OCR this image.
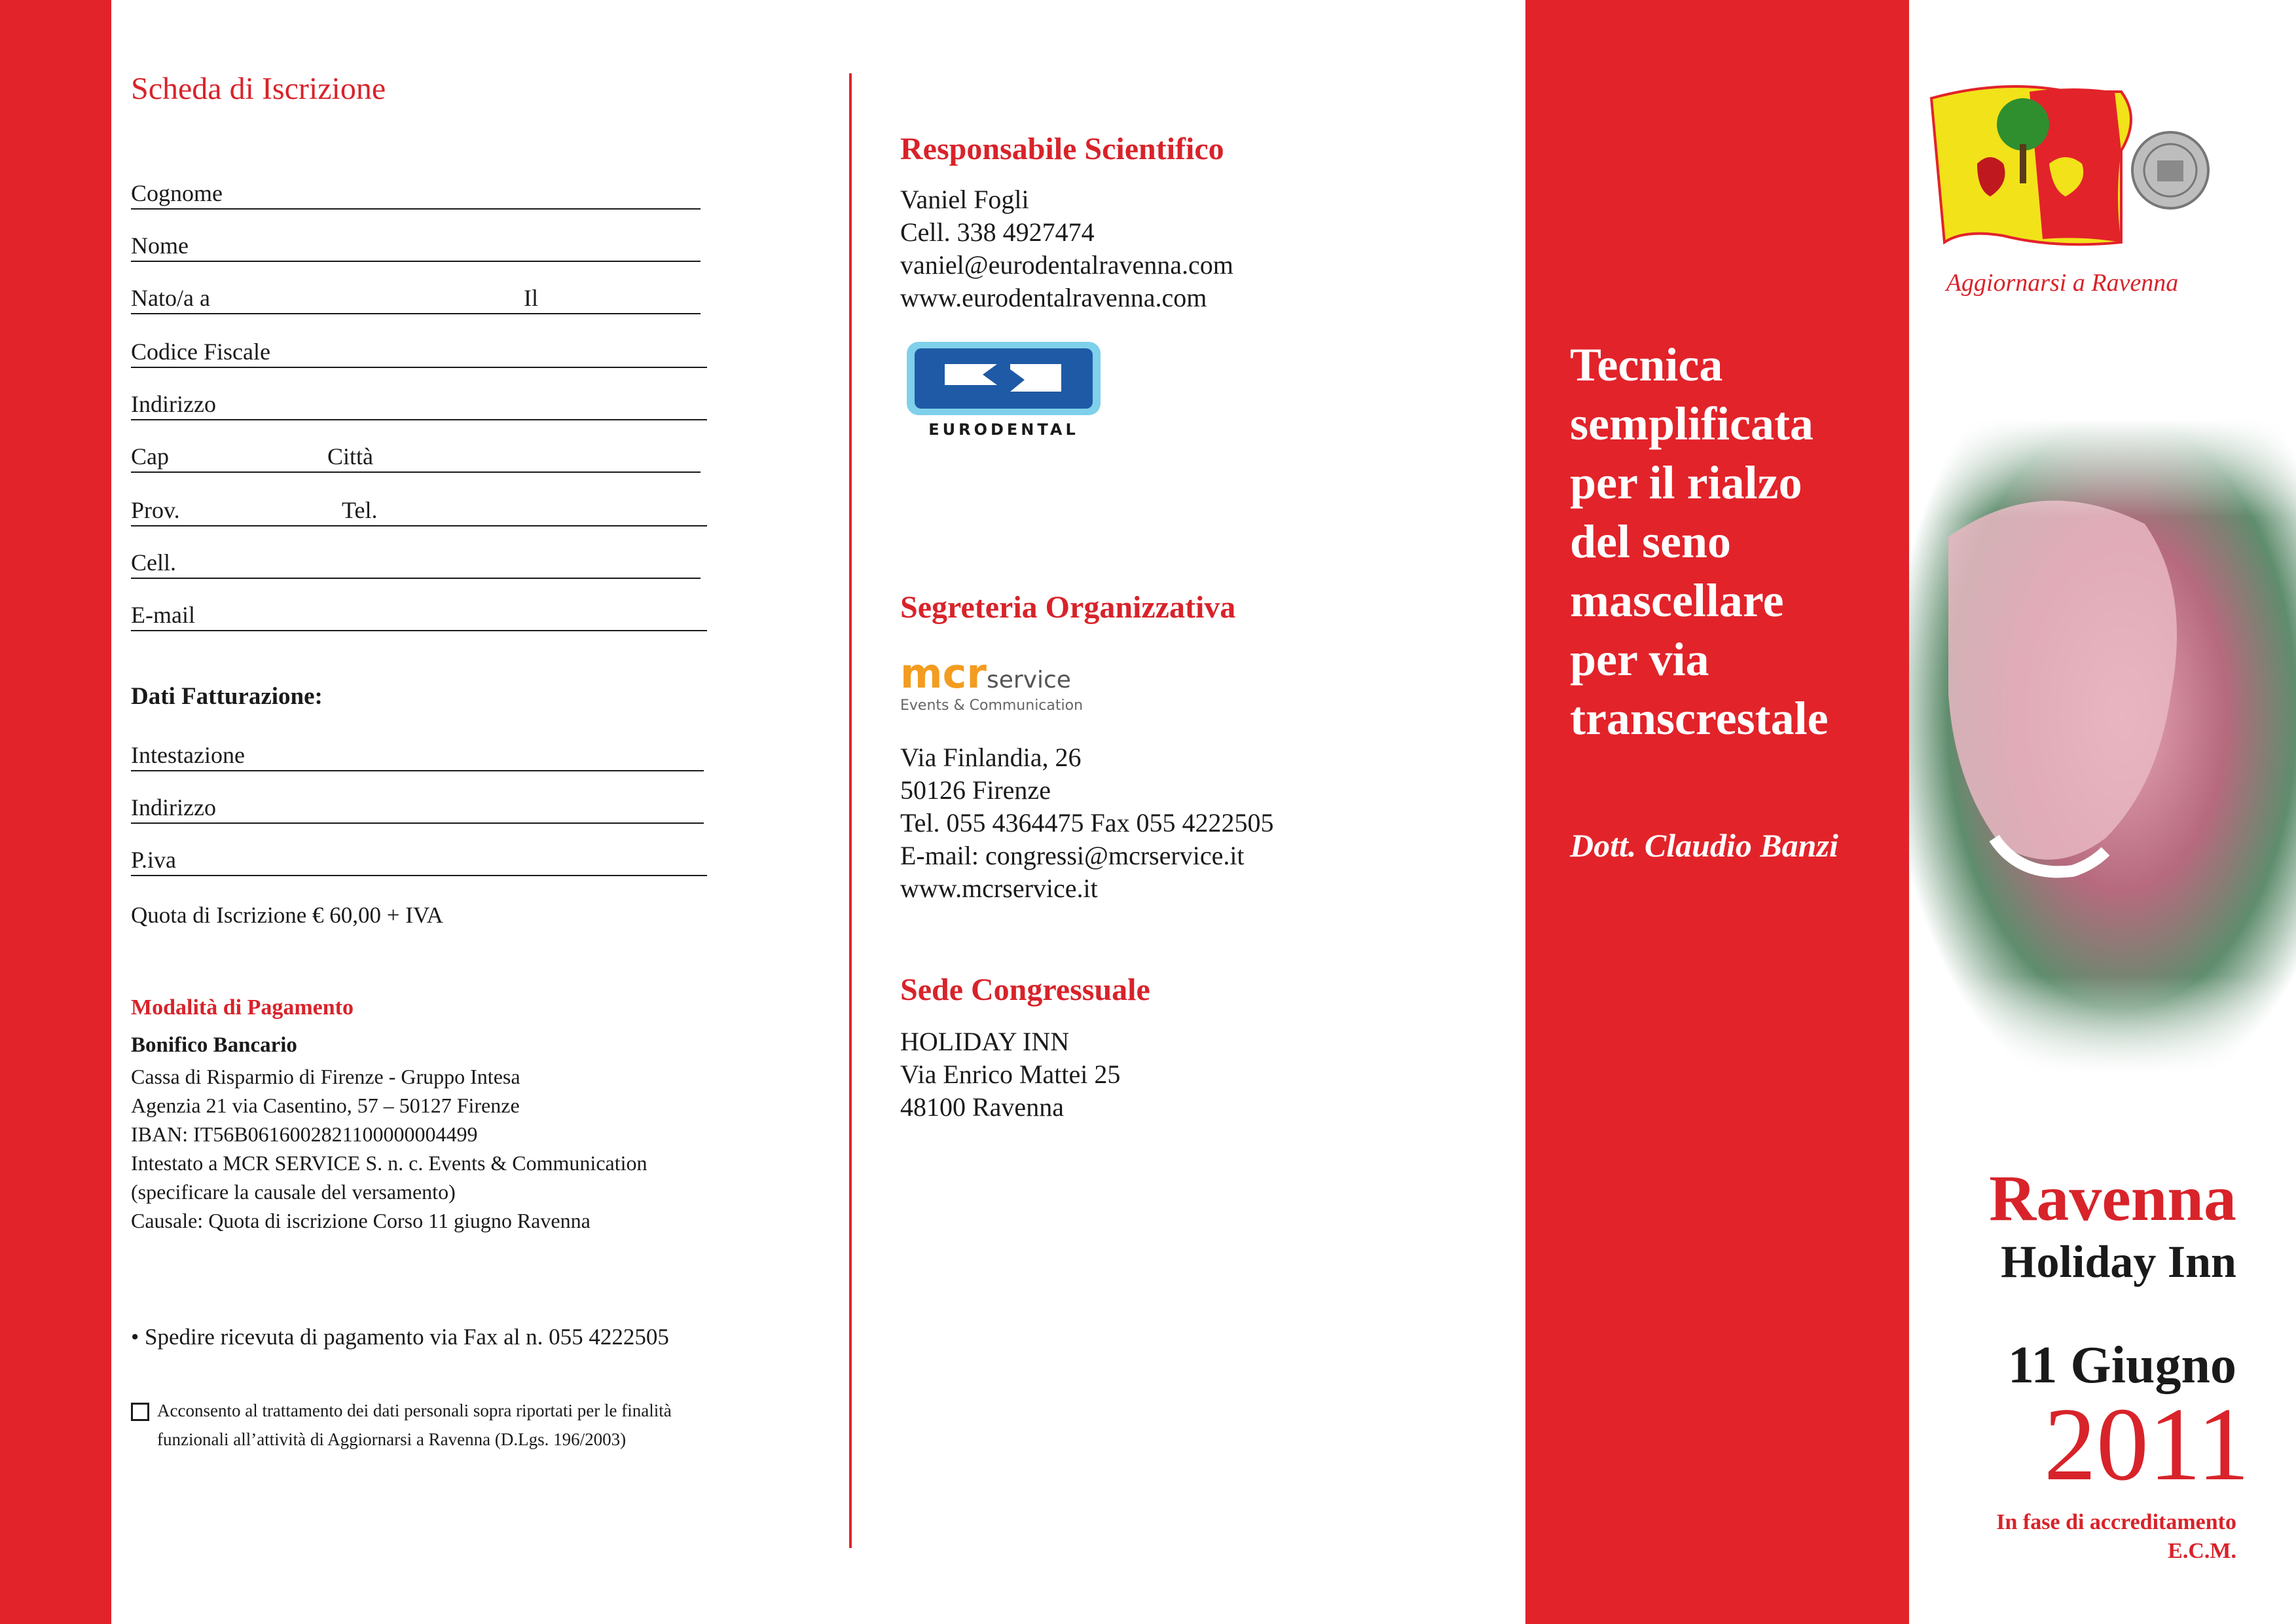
Scheda di Iscrizione
Cognome
Nome
Nato/a a	Il
Codice Fiscale
Indirizzo
Cap	Città
Prov.	Tel.
Cell.
E-mail
Dati Fatturazione:
Intestazione
Indirizzo
P.iva
Quota di Iscrizione € 60,00 + IVA
Modalità di Pagamento
Bonifico Bancario
Cassa di Risparmio di Firenze - Gruppo Intesa
Agenzia 21 via Casentino, 57 – 50127 Firenze
IBAN: IT56B0616002821100000004499
Intestato a MCR SERVICE S. n. c. Events & Communication
(specificare la causale del versamento)
Causale: Quota di iscrizione Corso 11 giugno Ravenna
• Spedire ricevuta di pagamento via Fax al n. 055 4222505
Acconsento al trattamento dei dati personali sopra riportati per le finalità
funzionali all’attività di Aggiornarsi a Ravenna (D.Lgs. 196/2003)
Responsabile Scientifico
Vaniel Fogli
Cell. 338 4927474
vaniel@eurodentalravenna.com
www.eurodentalravenna.com
EURODENTAL
Segreteria Organizzativa
mcr service
Events & Communication
Via Finlandia, 26
50126 Firenze
Tel. 055 4364475 Fax 055 4222505
E-mail: congressi@mcrservice.it
www.mcrservice.it
Sede Congressuale
HOLIDAY INN
Via Enrico Mattei 25
48100 Ravenna
Tecnica
semplificata
per il rialzo
del seno
mascellare
per via
transcrestale
Dott. Claudio Banzi
Aggiornarsi a Ravenna
Ravenna
Holiday Inn
11 Giugno
2011
In fase di accreditamento
E.C.M.
